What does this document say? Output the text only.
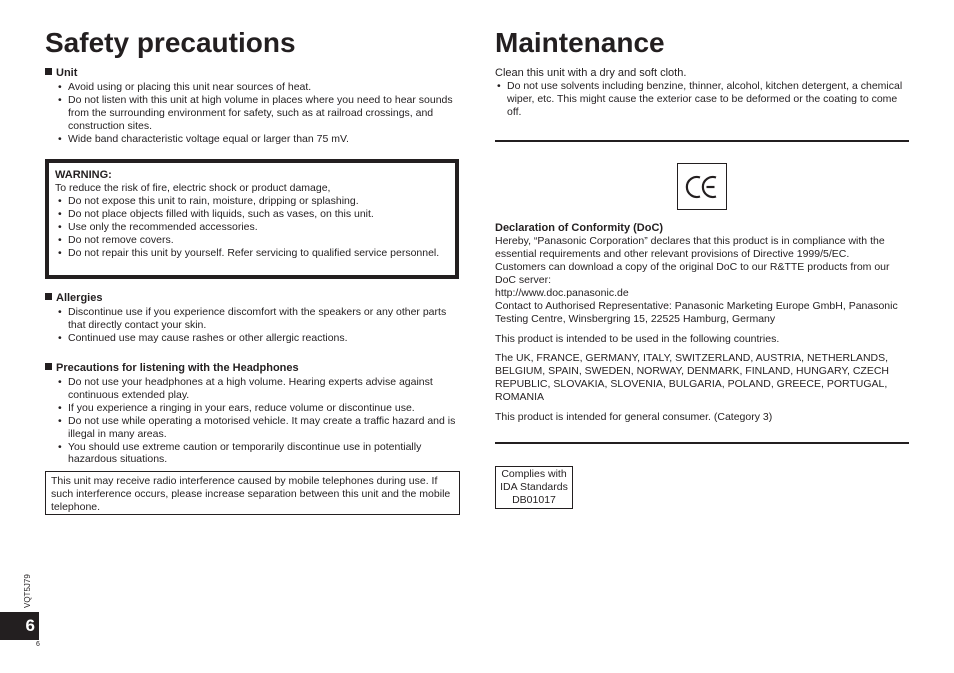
Safety precautions
Unit
• Avoid using or placing this unit near sources of heat.
• Do not listen with this unit at high volume in places where you need to hear sounds from the surrounding environment for safety, such as at railroad crossings, and construction sites.
• Wide band characteristic voltage equal or larger than 75 mV.
WARNING:

To reduce the risk of fire, electric shock or product damage,

• Do not expose this unit to rain, moisture, dripping or splashing.
• Do not place objects filled with liquids, such as vases, on this unit.
• Use only the recommended accessories.
• Do not remove covers.
• Do not repair this unit by yourself. Refer servicing to qualified service personnel.
Allergies
• Discontinue use if you experience discomfort with the speakers or any other parts that directly contact your skin.
• Continued use may cause rashes or other allergic reactions.
Precautions for listening with the Headphones
• Do not use your headphones at a high volume. Hearing experts advise against continuous extended play.
• If you experience a ringing in your ears, reduce volume or discontinue use.
• Do not use while operating a motorised vehicle. It may create a traffic hazard and is illegal in many areas.
• You should use extreme caution or temporarily discontinue use in potentially hazardous situations.
This unit may receive radio interference caused by mobile telephones during use. If such interference occurs, please increase separation between this unit and the mobile telephone.
Maintenance

Clean this unit with a dry and soft cloth.

• Do not use solvents including benzine, thinner, alcohol, kitchen detergent, a chemical wiper, etc. This might cause the exterior case to be deformed or the coating to come off.
Declaration of Conformity (DoC)

Hereby, “Panasonic Corporation” declares that this product is in compliance with the essential requirements and other relevant provisions of Directive 1999/5/EC.

Customers can download a copy of the original DoC to our R&TTE products from our DoC server:

http://www.doc.panasonic.de

Contact to Authorised Representative: Panasonic Marketing Europe GmbH, Panasonic Testing Centre, Winsbergring 15, 22525 Hamburg, Germany

This product is intended to be used in the following countries.

The UK, FRANCE, GERMANY, ITALY, SWITZERLAND, AUSTRIA, NETHERLANDS, BELGIUM, SPAIN, SWEDEN, NORWAY, DENMARK, FINLAND, HUNGARY, CZECH REPUBLIC, SLOVAKIA, SLOVENIA, BULGARIA, POLAND, GREECE, PORTUGAL, ROMANIA

This product is intended for general consumer. (Category 3)

Complies with
IDA Standards
DB01017
VQT5J79
6
6
